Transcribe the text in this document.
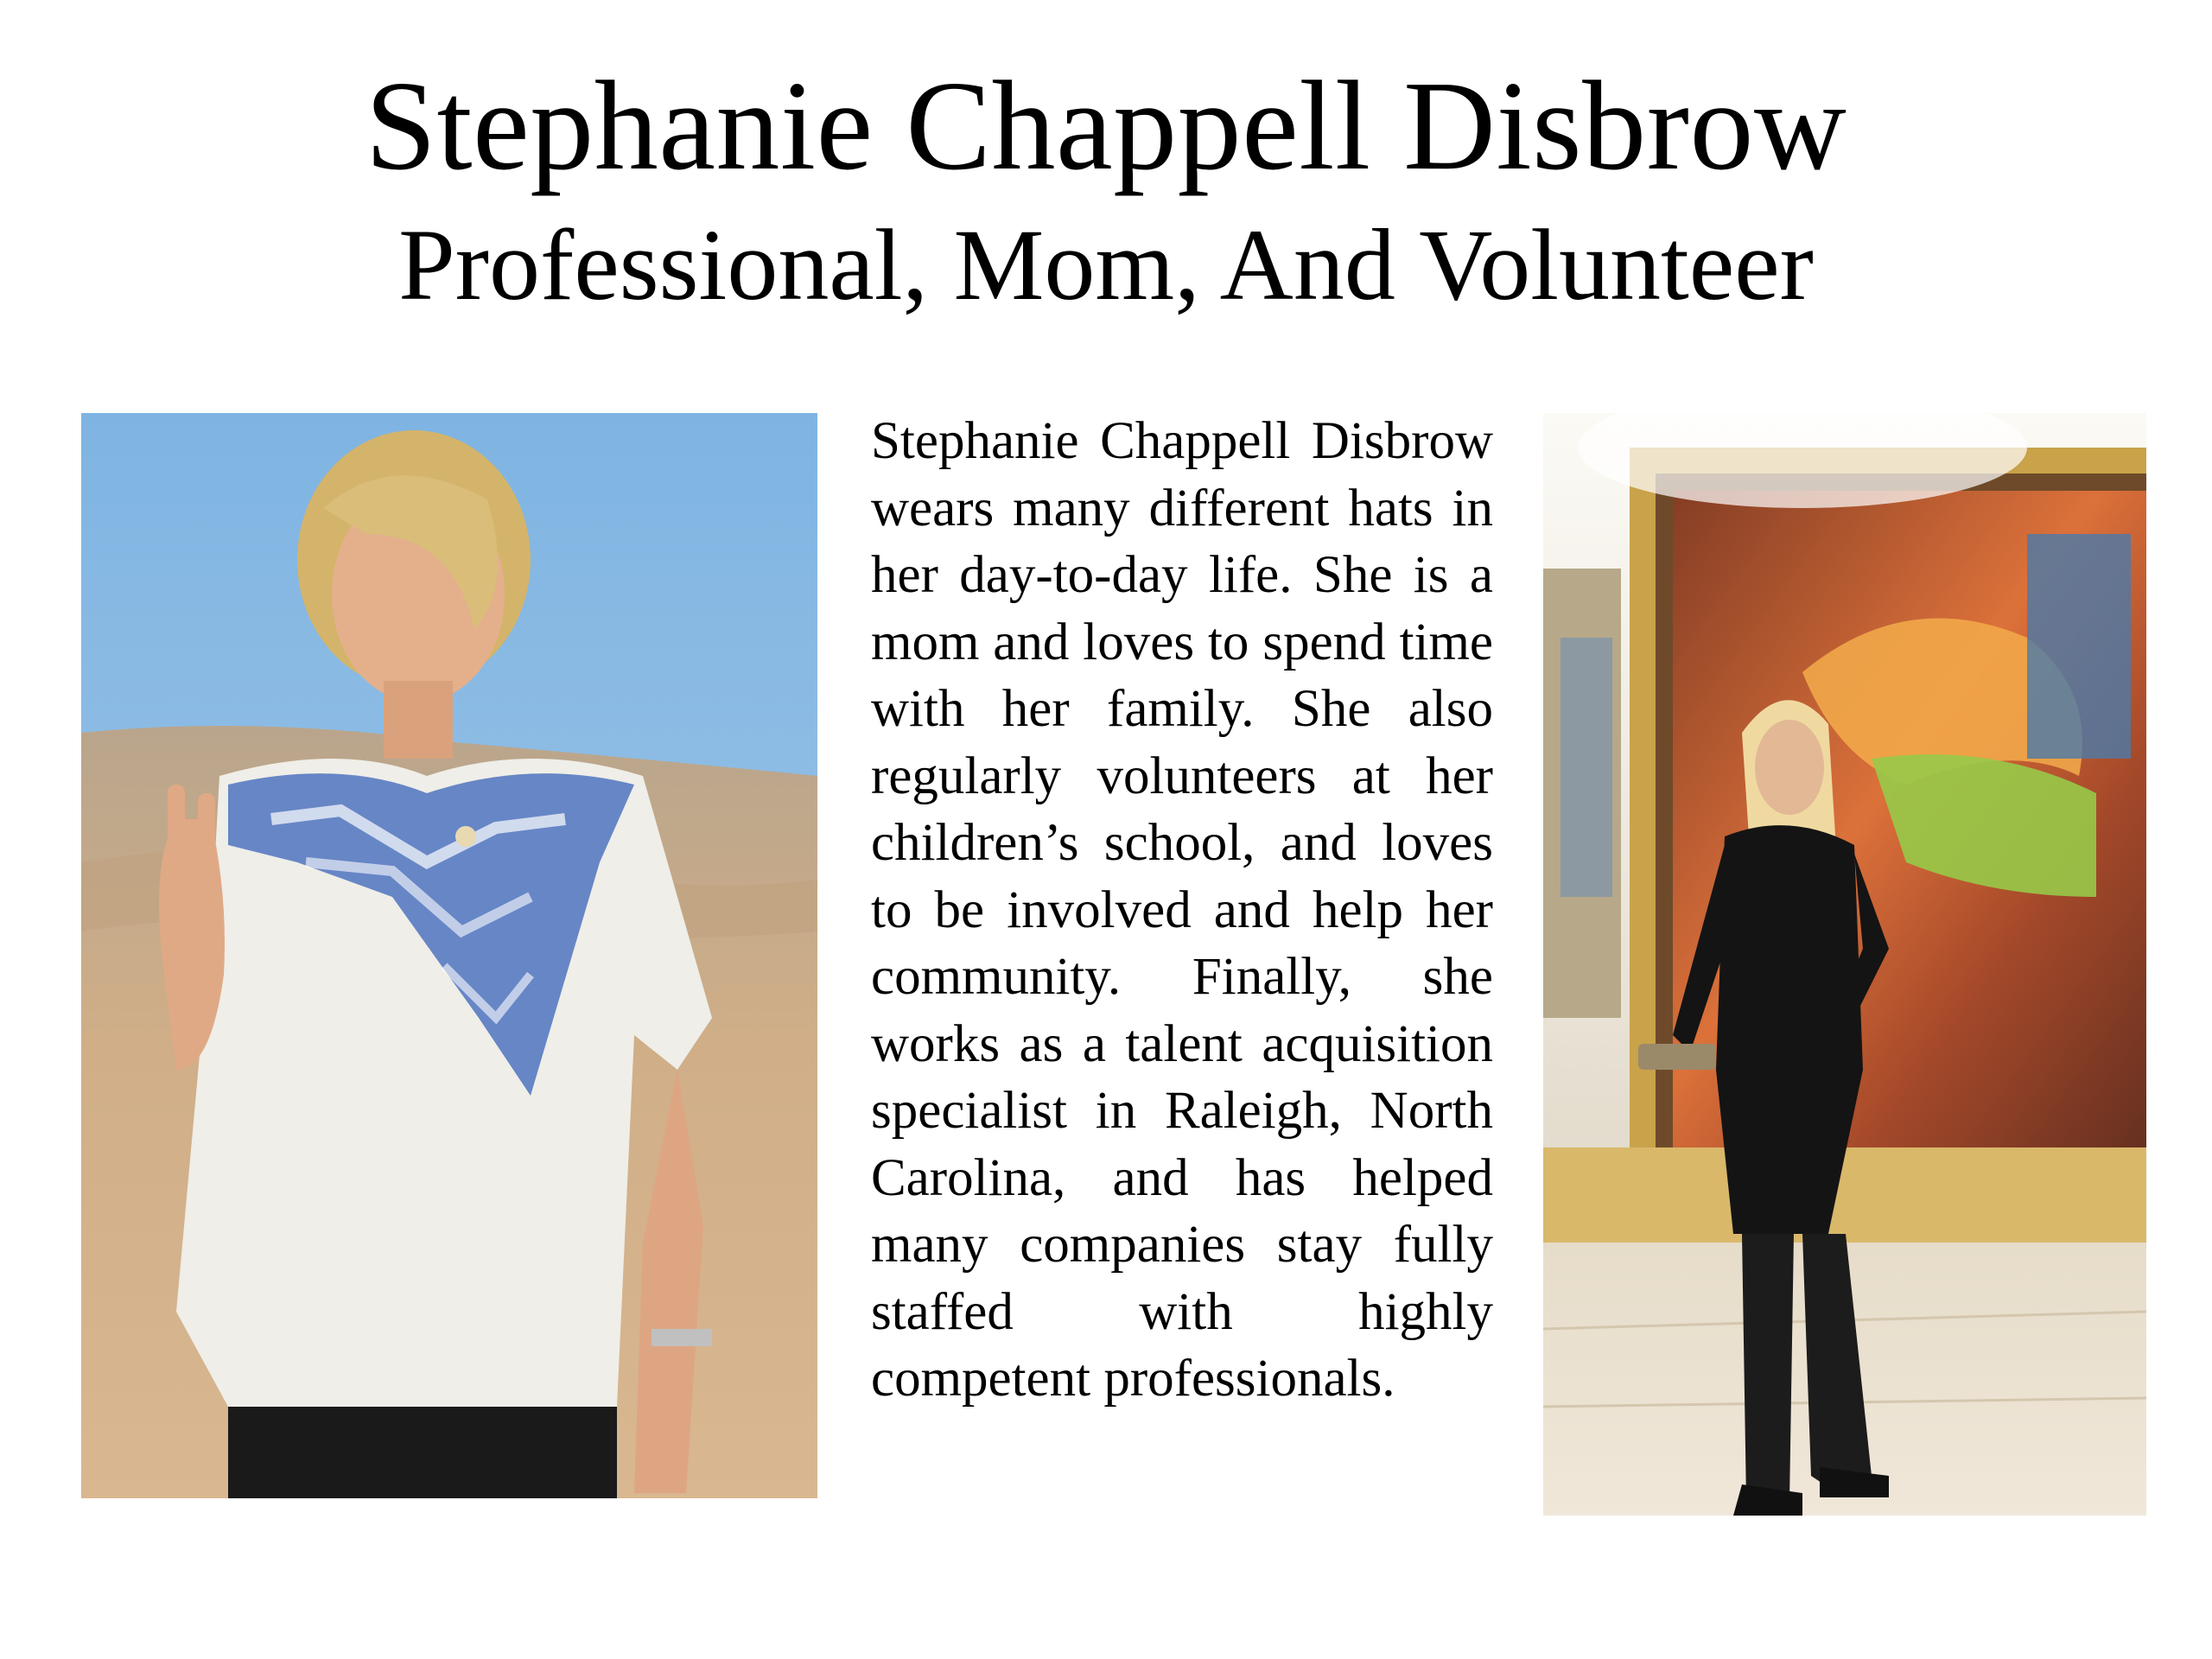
Stephanie Chappell Disbrow
Professional, Mom, And Volunteer

Stephanie Chappell Disbrow wears many different hats in her day-to-day life. She is a mom and loves to spend time with her family. She also regularly volunteers at her children’s school, and loves to be involved and help her community. Finally, she works as a talent acquisition specialist in Raleigh, North Carolina, and has helped many companies stay fully staffed with highly competent professionals.
